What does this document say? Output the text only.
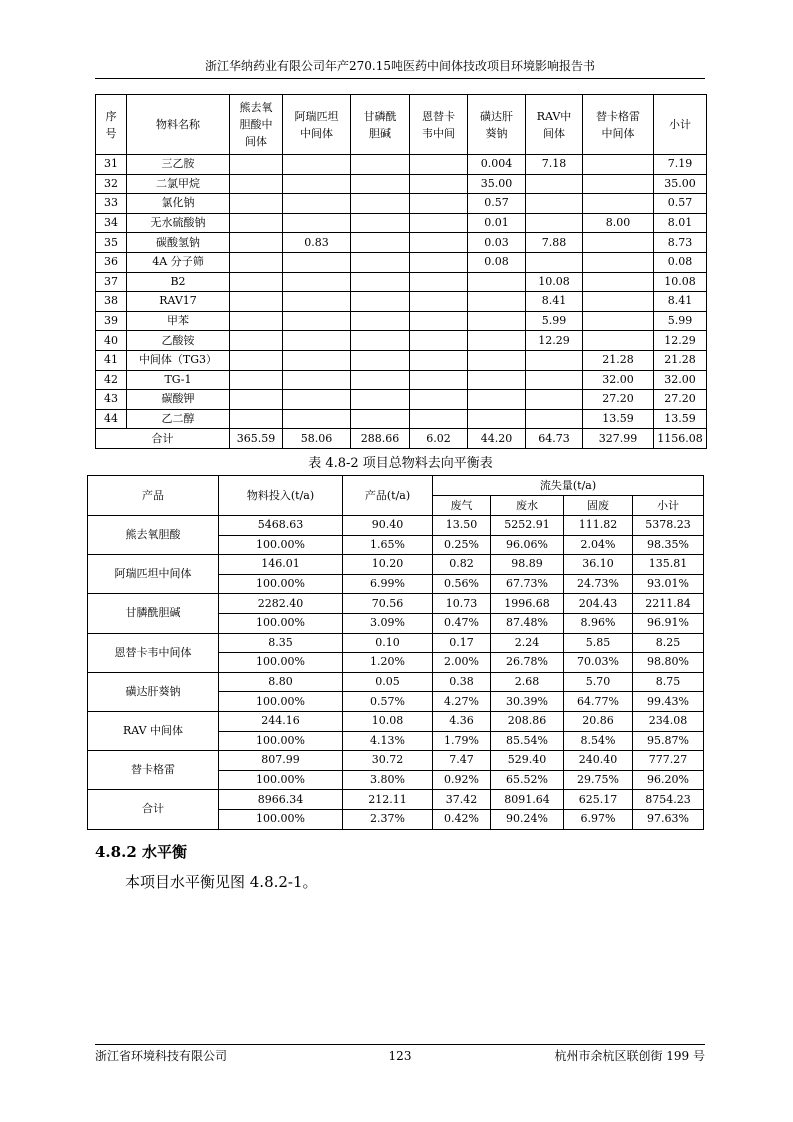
浙江华纳药业有限公司年产270.15吨医药中间体技改项目环境影响报告书
序号	物料名称	熊去氧胆酸中间体	阿瑞匹坦中间体	甘磷酰胆碱	恩替卡韦中间	磺达肝葵钠	RAV中间体	替卡格雷中间体	小计
31	三乙胺					0.004	7.18		7.19
32	二氯甲烷					35.00			35.00
33	氯化钠					0.57			0.57
34	无水硫酸钠					0.01		8.00	8.01
35	碳酸氢钠		0.83			0.03	7.88		8.73
36	4A 分子筛					0.08			0.08
37	B2						10.08		10.08
38	RAV17						8.41		8.41
39	甲苯						5.99		5.99
40	乙酸铵						12.29		12.29
41	中间体（TG3）							21.28	21.28
42	TG-1							32.00	32.00
43	碳酸钾							27.20	27.20
44	乙二醇							13.59	13.59
合计		365.59	58.06	288.66	6.02	44.20	64.73	327.99	1156.08
表 4.8-2 项目总物料去向平衡表
产品	物料投入(t/a)	产品(t/a)	流失量(t/a)			
			废气	废水	固废	小计
熊去氧胆酸	5468.63	90.40	13.50	5252.91	111.82	5378.23
	100.00%	1.65%	0.25%	96.06%	2.04%	98.35%
阿瑞匹坦中间体	146.01	10.20	0.82	98.89	36.10	135.81
	100.00%	6.99%	0.56%	67.73%	24.73%	93.01%
甘膦酰胆碱	2282.40	70.56	10.73	1996.68	204.43	2211.84
	100.00%	3.09%	0.47%	87.48%	8.96%	96.91%
恩替卡韦中间体	8.35	0.10	0.17	2.24	5.85	8.25
	100.00%	1.20%	2.00%	26.78%	70.03%	98.80%
磺达肝葵钠	8.80	0.05	0.38	2.68	5.70	8.75
	100.00%	0.57%	4.27%	30.39%	64.77%	99.43%
RAV 中间体	244.16	10.08	4.36	208.86	20.86	234.08
	100.00%	4.13%	1.79%	85.54%	8.54%	95.87%
替卡格雷	807.99	30.72	7.47	529.40	240.40	777.27
	100.00%	3.80%	0.92%	65.52%	29.75%	96.20%
合计	8966.34	212.11	37.42	8091.64	625.17	8754.23
	100.00%	2.37%	0.42%	90.24%	6.97%	97.63%
4.8.2 水平衡
本项目水平衡见图 4.8.2-1。
浙江省环境科技有限公司	123	杭州市余杭区联创街 199 号
